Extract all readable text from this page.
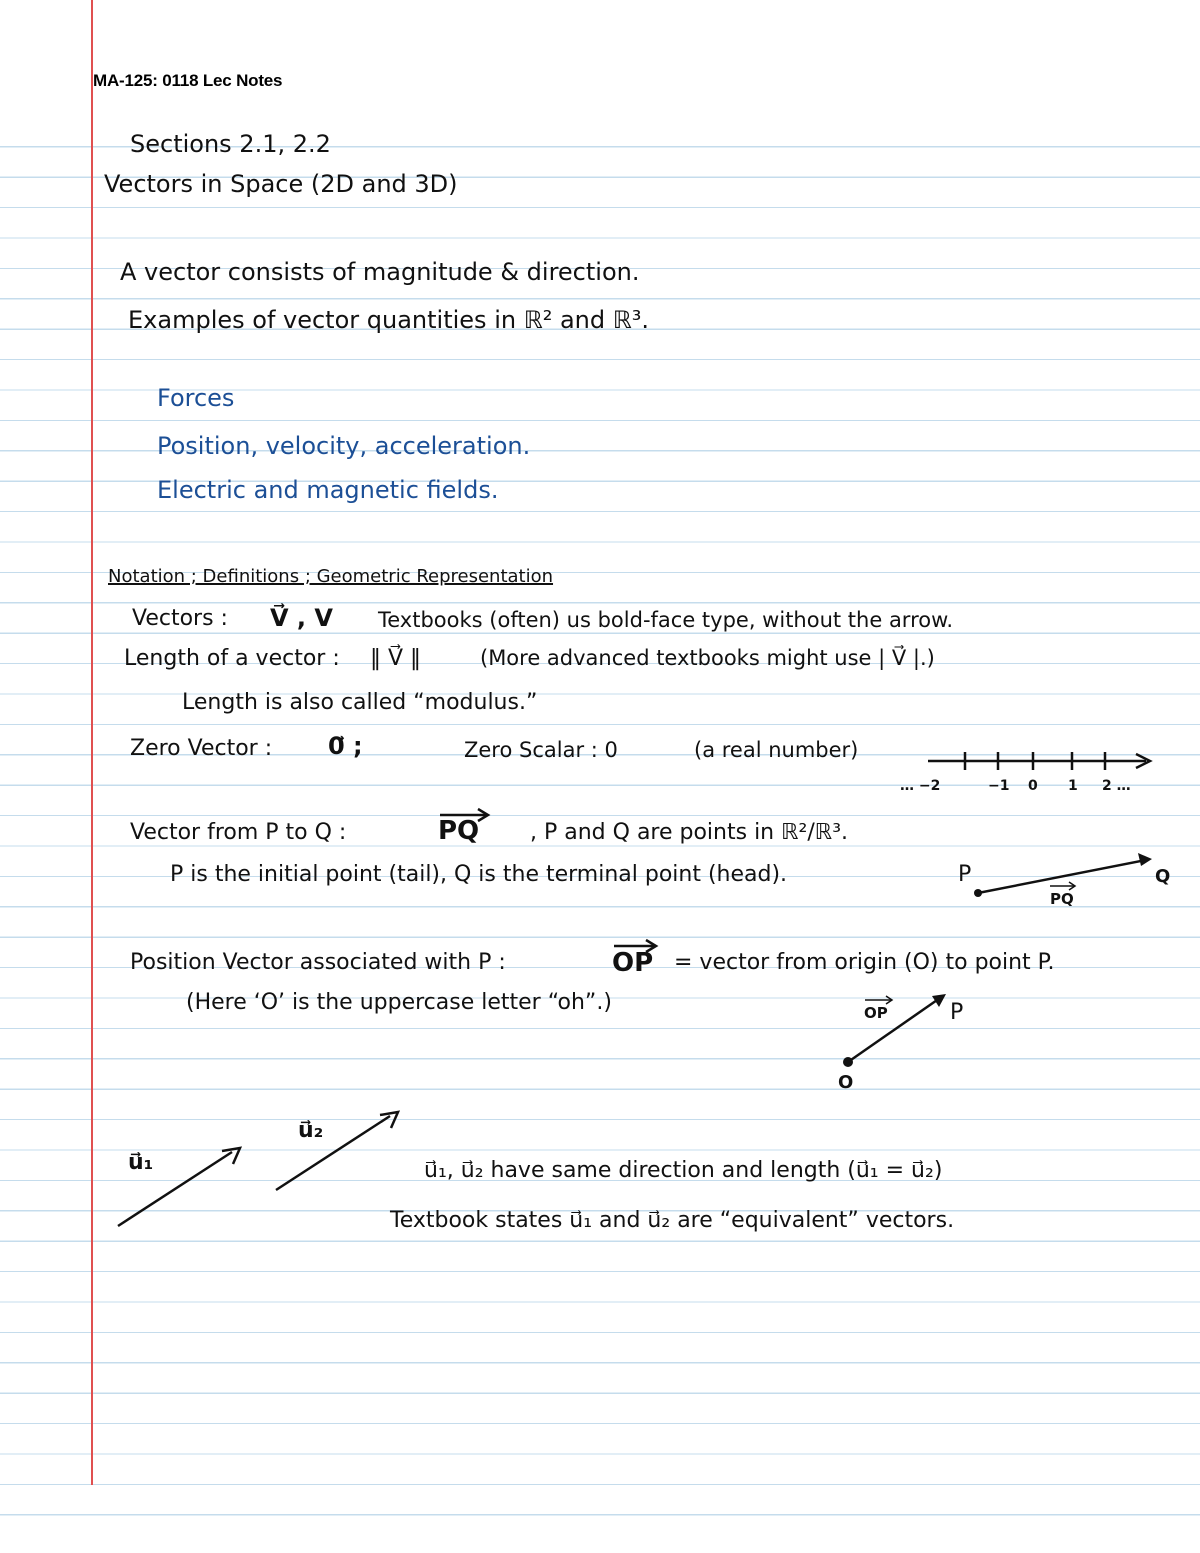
MA-125: 0118 Lec Notes
Sections 2.1, 2.2
Vectors in Space (2D and 3D)
A vector consists of magnitude & direction.
Examples of vector quantities in ℝ² and ℝ³.
Forces
Position, velocity, acceleration.
Electric and magnetic fields.
Notation ; Definitions ; Geometric Representation
Vectors : V⃗ , V Textbooks (often) us bold-face type, without the arrow.
Length of a vector : ‖ V⃗ ‖	(More advanced textbooks might use | V⃗ |.)
Length is also called “modulus.”
Zero Vector : 0⃗ ;	Zero Scalar : 0	(a real number)
… −2	−1 0 1 2 …
Vector from P to Q :	PQ , P and Q are points in ℝ²/ℝ³.
P is the initial point (tail), Q is the terminal point (head).	P	Q
PQ
Position Vector associated with P :	OP = vector from origin (O) to point P.
(Here ‘O’ is the uppercase letter “oh”.)	P
O
OP
u⃗₁
u⃗₂
u⃗₁, u⃗₂ have same direction and length (u⃗₁ = u⃗₂)
Textbook states u⃗₁ and u⃗₂ are “equivalent” vectors.
